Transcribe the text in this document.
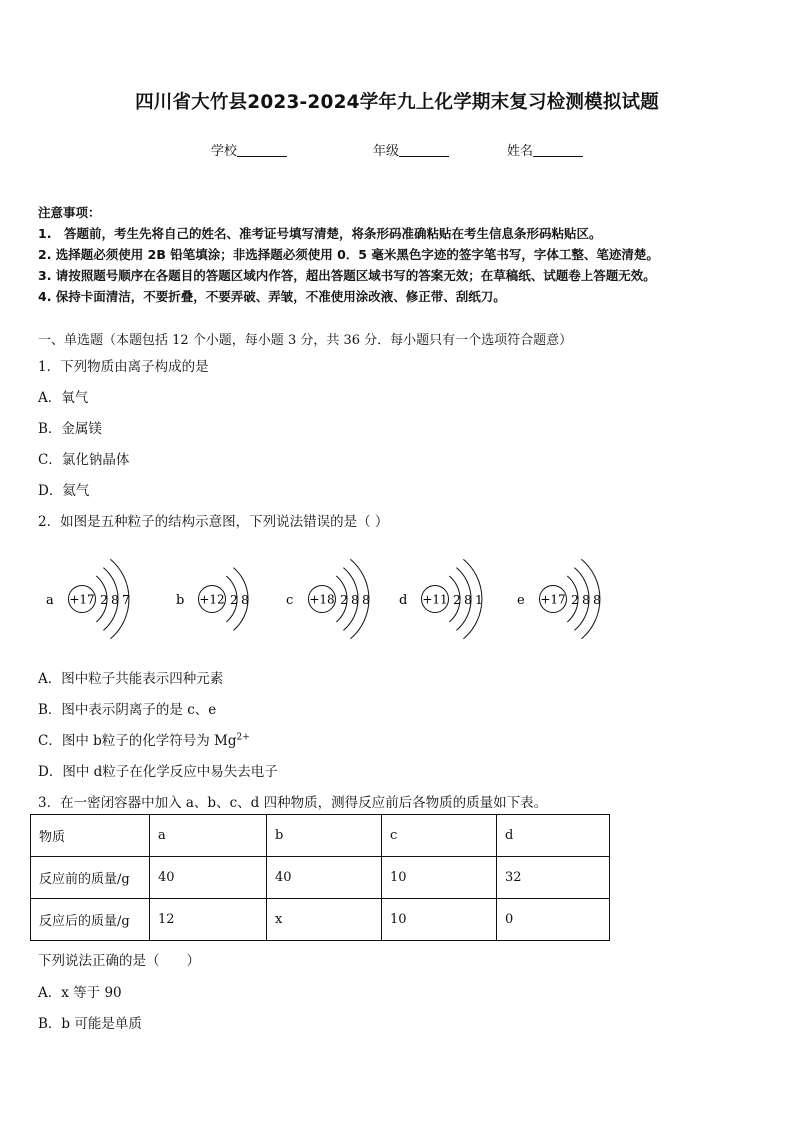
四川省大竹县2023-2024学年九上化学期末复习检测模拟试题
学校	年级	姓名
注意事项：
1.　答题前，考生先将自己的姓名、准考证号填写清楚，将条形码准确粘贴在考生信息条形码粘贴区。
2. 选择题必须使用 2B 铅笔填涂；非选择题必须使用 0．5 毫米黑色字迹的签字笔书写，字体工整、笔迹清楚。
3. 请按照题号顺序在各题目的答题区域内作答，超出答题区域书写的答案无效；在草稿纸、试题卷上答题无效。
4. 保持卡面清洁，不要折叠，不要弄破、弄皱，不准使用涂改液、修正带、刮纸刀。
一、单选题（本题包括 12 个小题，每小题 3 分，共 36 分．每小题只有一个选项符合题意）
1．下列物质由离子构成的是
A．氧气
B．金属镁
C．氯化钠晶体
D．氦气
2．如图是五种粒子的结构示意图，下列说法错误的是（ ）
a +17 2 8 7	b +12 2 8	c +18 2 8 8 d +11 2 8 1	e +17 2 8 8
A．图中粒子共能表示四种元素
B．图中表示阴离子的是 c、e
C．图中 b粒子的化学符号为 $Mg^{2+}$
D．图中 d粒子在化学反应中易失去电子
3．在一密闭容器中加入 a、b、c、d 四种物质，测得反应前后各物质的质量如下表。
物质	a	b	c	d
反应前的质量/g	40	40	10	32
反应后的质量/g	12	x	10	0
下列说法正确的是（　　）
A．x 等于 90
B．b 可能是单质
